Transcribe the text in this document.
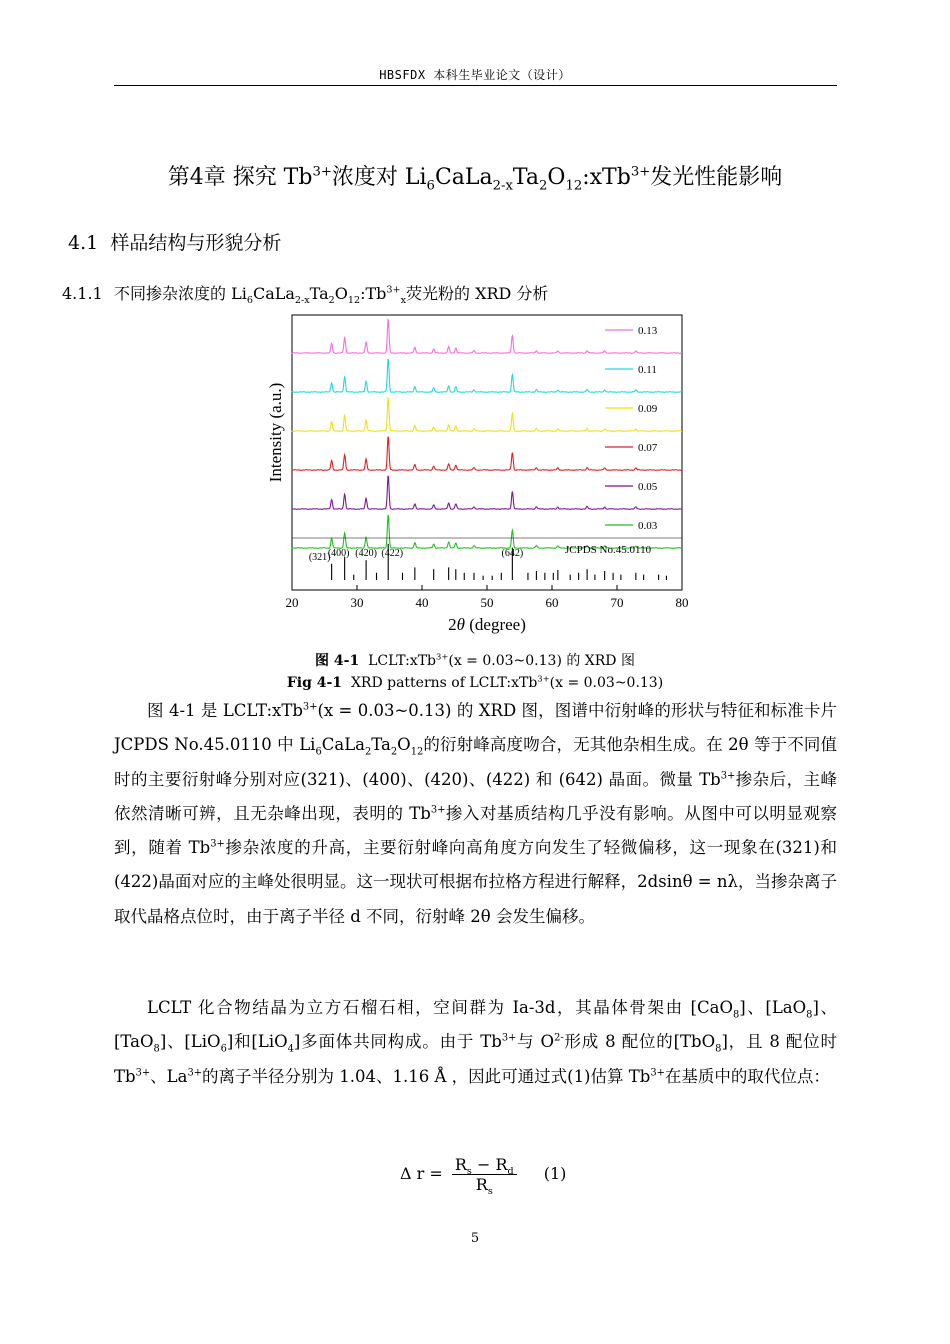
HBSFDX 本科生毕业论文（设计）
第4章 探究 $Tb^{3+}$浓度对 $Li_6CaLa_{2-x}Ta_2O_{12}:xTb^{3+}$发光性能影响
4.1 样品结构与形貌分析
4.1.1 不同掺杂浓度的 $Li_6CaLa_{2-x}Ta_2O_{12}:Tb^{3+}_x$荧光粉的 XRD 分析
0.13
0.11
0.09
0.07
0.05
0.03
JCPDS No.45.0110
(321)
(400) (420) (422)	(642)
20	30	40	50	60	70	80
2θ (degree)
Intensity (a.u.)
图 4-1 LCLT:xTb$^{3+}$(x = 0.03~0.13) 的 XRD 图
Fig 4-1 XRD patterns of LCLT:xTb$^{3+}$(x = 0.03~0.13)

图 4-1 是 LCLT:xTb$^{3+}$(x = 0.03~0.13) 的 XRD 图，图谱中衍射峰的形状与特征和标准卡片 JCPDS No.45.0110 中 $Li_6CaLa_2Ta_2O_{12}$的衍射峰高度吻合，无其他杂相生成。在 2θ 等于不同值时的主要衍射峰分别对应(321)、(400)、(420)、(422) 和 (642) 晶面。微量 $Tb^{3+}$掺杂后，主峰依然清晰可辨，且无杂峰出现，表明的 $Tb^{3+}$掺入对基质结构几乎没有影响。从图中可以明显观察到，随着 $Tb^{3+}$掺杂浓度的升高，主要衍射峰向高角度方向发生了轻微偏移，这一现象在(321)和(422)晶面对应的主峰处很明显。这一现状可根据布拉格方程进行解释，2dsinθ = nλ，当掺杂离子取代晶格点位时，由于离子半径 d 不同，衍射峰 2θ 会发生偏移。

LCLT 化合物结晶为立方石榴石相，空间群为 Ia-3d，其晶体骨架由 [CaO$_8$]、[LaO$_8$]、[TaO$_8$]、[LiO$_6$]和[LiO$_4$]多面体共同构成。由于 $Tb^{3+}$与 $O^{2-}$形成 8 配位的[TbO$_8$]，且 8 配位时 $Tb^{3+}$、$La^{3+}$的离子半径分别为 1.04、1.16 Å ，因此可通过式(1)估算 $Tb^{3+}$在基质中的取代位点：

Δ $r = \frac{R_s - R_d}{R_s} (1)$
5
